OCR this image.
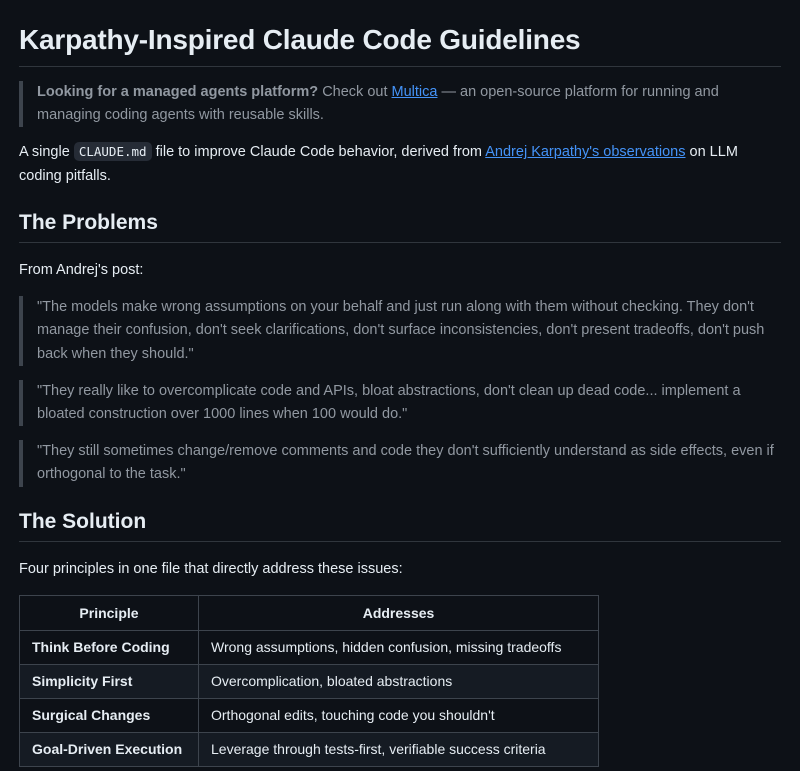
Karpathy-Inspired Claude Code Guidelines
Looking for a managed agents platform? Check out Multica — an open-source platform for running and managing coding agents with reusable skills.

A single CLAUDE.md file to improve Claude Code behavior, derived from Andrej Karpathy's observations on LLM coding pitfalls.

The Problems

From Andrej's post:

"The models make wrong assumptions on your behalf and just run along with them without checking. They don't manage their confusion, don't seek clarifications, don't surface inconsistencies, don't present tradeoffs, don't push back when they should."
"They really like to overcomplicate code and APIs, bloat abstractions, don't clean up dead code... implement a bloated construction over 1000 lines when 100 would do."
"They still sometimes change/remove comments and code they don't sufficiently understand as side effects, even if orthogonal to the task."
The Solution

Four principles in one file that directly address these issues:

Principle	Addresses
Think Before Coding	Wrong assumptions, hidden confusion, missing tradeoffs
Simplicity First	Overcomplication, bloated abstractions
Surgical Changes	Orthogonal edits, touching code you shouldn't
Goal-Driven Execution	Leverage through tests-first, verifiable success criteria
